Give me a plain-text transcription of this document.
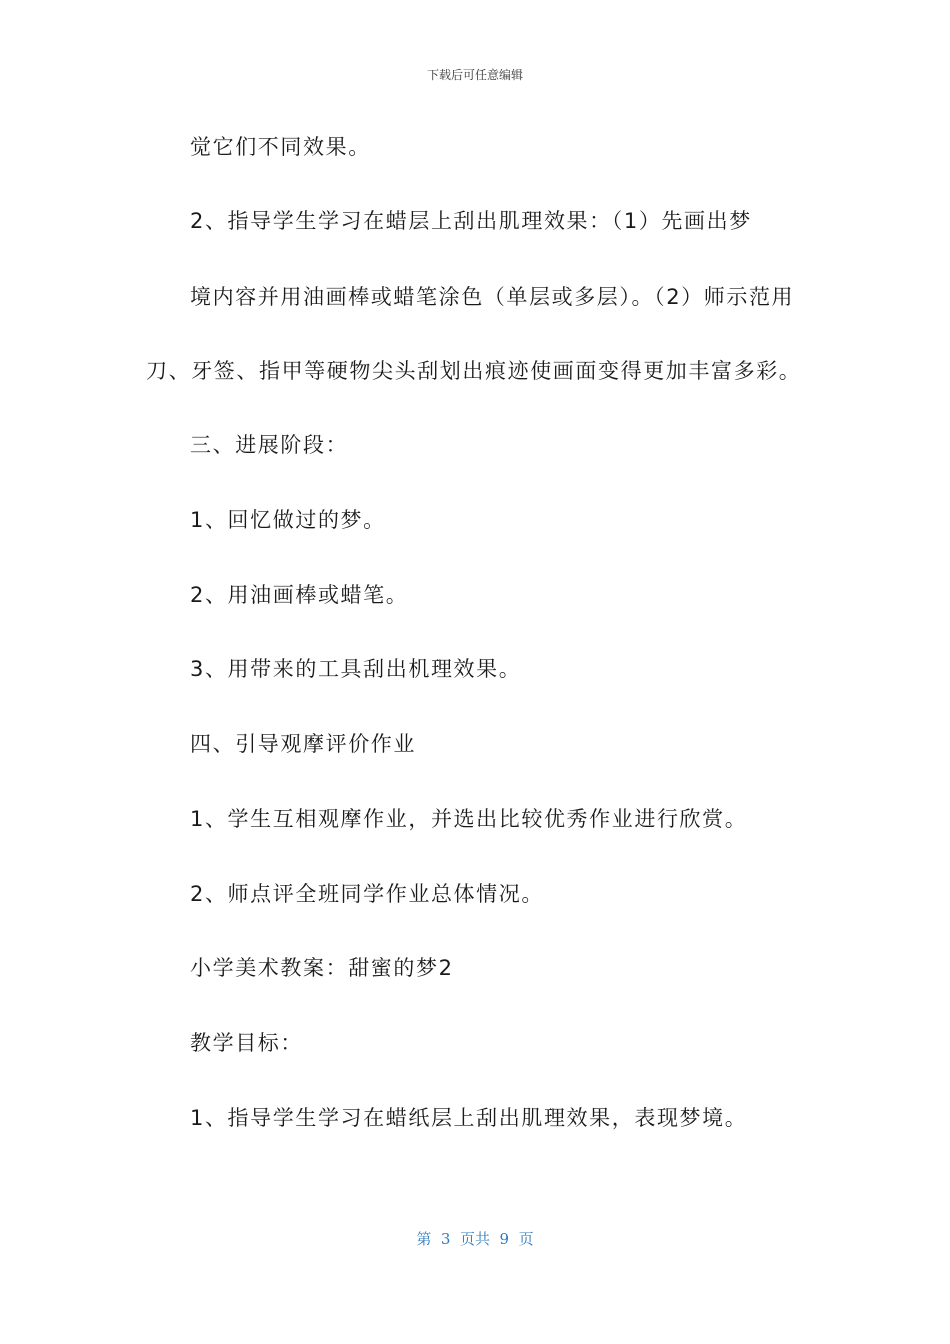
下载后可任意编辑
觉它们不同效果。
2、指导学生学习在蜡层上刮出肌理效果：（1）先画出梦
境内容并用油画棒或蜡笔涂色（单层或多层）。（2）师示范用
刀、牙签、指甲等硬物尖头刮划出痕迹使画面变得更加丰富多彩。
三、进展阶段：
1、回忆做过的梦。
2、用油画棒或蜡笔。
3、用带来的工具刮出机理效果。
四、引导观摩评价作业
1、学生互相观摩作业，并选出比较优秀作业进行欣赏。
2、师点评全班同学作业总体情况。
小学美术教案：甜蜜的梦2
教学目标：
1、指导学生学习在蜡纸层上刮出肌理效果，表现梦境。
第  3  页共  9  页
